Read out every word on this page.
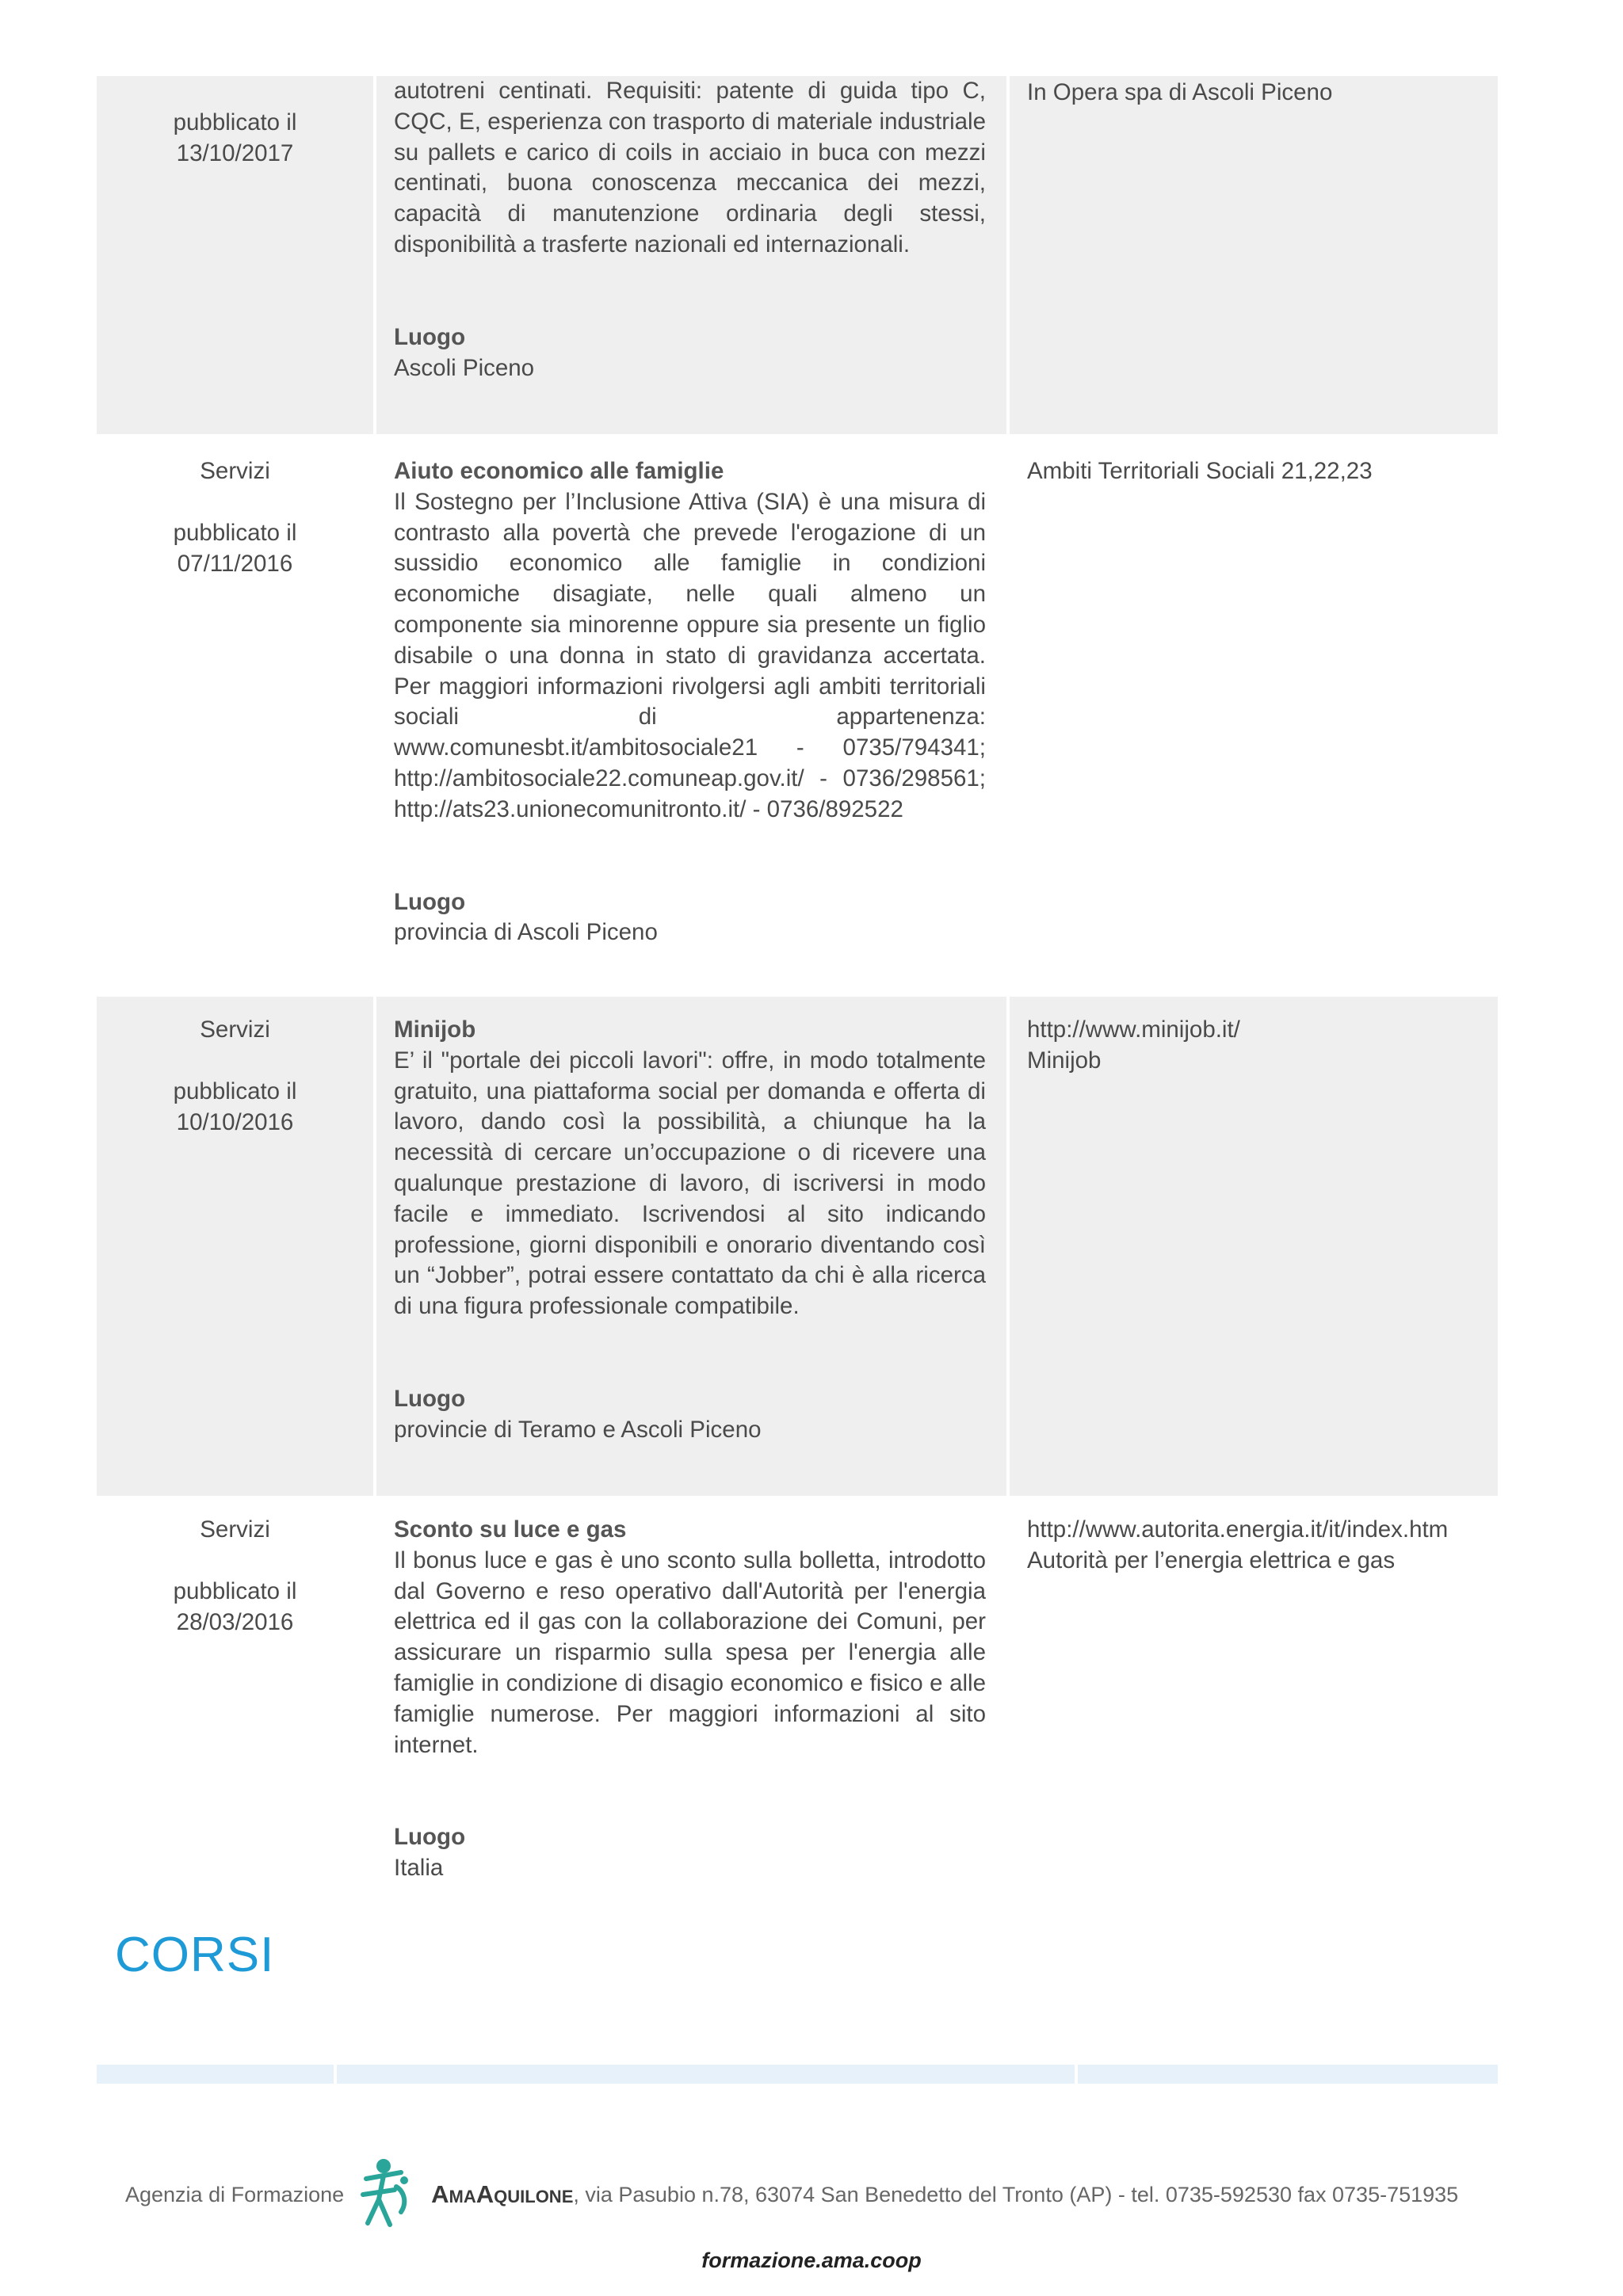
pubblicato il
13/10/2017
autotreni centinati. Requisiti: patente di guida tipo C, CQC, E, esperienza con trasporto di materiale industriale su pallets e carico di coils in acciaio in buca con mezzi centinati, buona conoscenza meccanica dei mezzi, capacità di manutenzione ordinaria degli stessi, disponibilità a trasferte nazionali ed internazionali.
Luogo
Ascoli Piceno
In Opera spa di Ascoli Piceno
Servizi
pubblicato il
07/11/2016
Aiuto economico alle famiglie
Il Sostegno per l’Inclusione Attiva (SIA) è una misura di contrasto alla povertà che prevede l'erogazione di un sussidio economico alle famiglie in condizioni economiche disagiate, nelle quali almeno un componente sia minorenne oppure sia presente un figlio disabile o una donna in stato di gravidanza accertata. Per maggiori informazioni rivolgersi agli ambiti territoriali sociali di appartenenza: www.comunesbt.it/ambitosociale21 - 0735/794341; http://ambitosociale22.comuneap.gov.it/ - 0736/298561; http://ats23.unionecomunitronto.it/ - 0736/892522
Luogo
provincia di Ascoli Piceno
Ambiti Territoriali Sociali 21,22,23
Servizi
pubblicato il
10/10/2016
Minijob
E’ il "portale dei piccoli lavori": offre, in modo totalmente gratuito, una piattaforma social per domanda e offerta di lavoro, dando così la possibilità, a chiunque ha la necessità di cercare un’occupazione o di ricevere una qualunque prestazione di lavoro, di iscriversi in modo facile e immediato. Iscrivendosi al sito indicando professione, giorni disponibili e onorario diventando così un “Jobber”, potrai essere contattato da chi è alla ricerca di una figura professionale compatibile.
Luogo
provincie di Teramo e Ascoli Piceno
http://www.minijob.it/
Minijob
Servizi
pubblicato il
28/03/2016
Sconto su luce e gas
Il bonus luce e gas è uno sconto sulla bolletta, introdotto dal Governo e reso operativo dall'Autorità per l'energia elettrica ed il gas con la collaborazione dei Comuni, per assicurare un risparmio sulla spesa per l'energia alle famiglie in condizione di disagio economico e fisico e alle famiglie numerose. Per maggiori informazioni al sito internet.
Luogo
Italia
http://www.autorita.energia.it/it/index.htm
Autorità per l’energia elettrica e gas
CORSI
Agenzia di Formazione	AmaAquilone , via Pasubio n.78, 63074 San Benedetto del Tronto (AP) - tel. 0735-592530 fax 0735-751935
formazione.ama.coop
